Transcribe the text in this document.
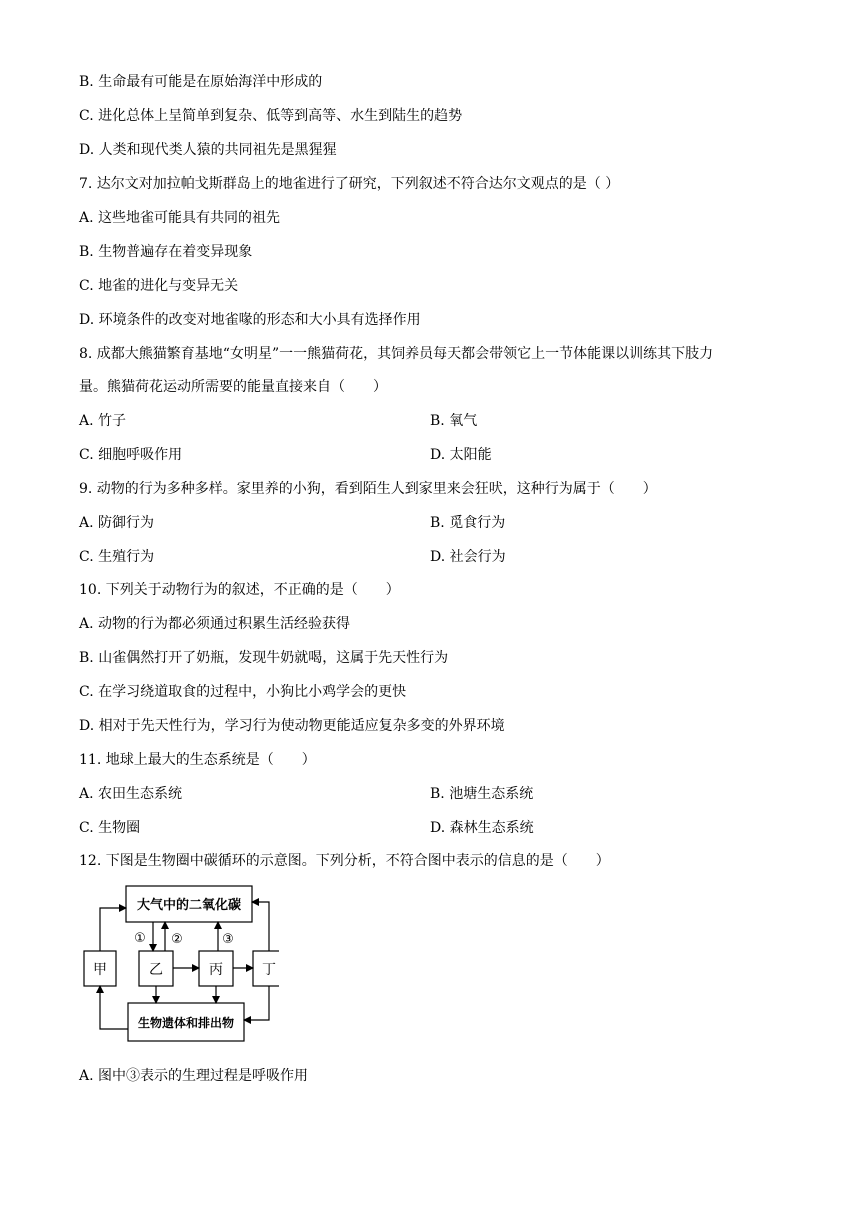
B. 生命最有可能是在原始海洋中形成的
C. 进化总体上呈简单到复杂、低等到高等、水生到陆生的趋势
D. 人类和现代类人猿的共同祖先是黑猩猩
7. 达尔文对加拉帕戈斯群岛上的地雀进行了研究，下列叙述不符合达尔文观点的是（ ）
A. 这些地雀可能具有共同的祖先
B. 生物普遍存在着变异现象
C. 地雀的进化与变异无关
D. 环境条件的改变对地雀喙的形态和大小具有选择作用
8. 成都大熊猫繁育基地“女明星”一一熊猫荷花，其饲养员每天都会带领它上一节体能课以训练其下肢力
量。熊猫荷花运动所需要的能量直接来自（　　）
A. 竹子	B. 氧气
C. 细胞呼吸作用	D. 太阳能
9. 动物的行为多种多样。家里养的小狗，看到陌生人到家里来会狂吠，这种行为属于（　　）
A. 防御行为	B. 觅食行为
C. 生殖行为	D. 社会行为
10. 下列关于动物行为的叙述，不正确的是（　　）
A. 动物的行为都必须通过积累生活经验获得
B. 山雀偶然打开了奶瓶，发现牛奶就喝，这属于先天性行为
C. 在学习绕道取食的过程中，小狗比小鸡学会的更快
D. 相对于先天性行为，学习行为使动物更能适应复杂多变的外界环境
11. 地球上最大的生态系统是（　　）
A. 农田生态系统	B. 池塘生态系统
C. 生物圈	D. 森林生态系统
12. 下图是生物圈中碳循环的示意图。下列分析，不符合图中表示的信息的是（　　）
A. 图中③表示的生理过程是呼吸作用
大气中的二氧化碳
生物遗体和排出物
甲	乙	丙	丁
① ②	③
